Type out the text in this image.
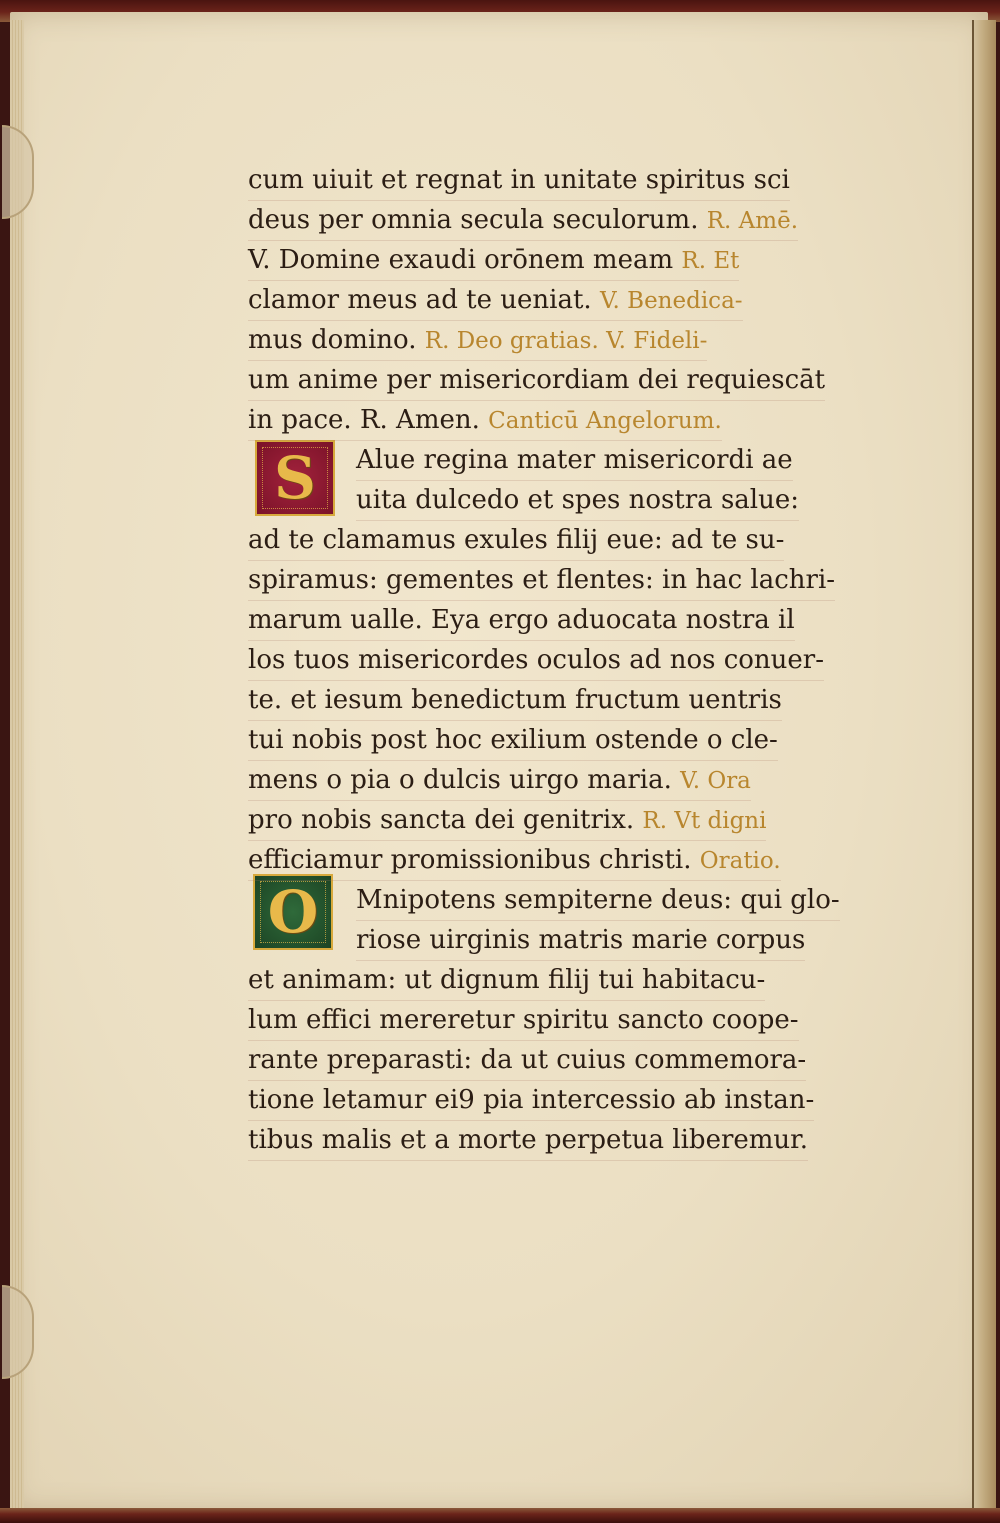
S
O
cum uiuit et regnat in unitate spiritus sci
deus per omnia secula seculorum. R. Amē.
V. Domine exaudi orōnem meam R. Et
clamor meus ad te ueniat. V. Benedica-
mus domino. R. Deo gratias. V. Fideli-
um anime per misericordiam dei requiescāt
in pace. R. Amen. Canticū Angelorum.
Alue regina mater misericordi ae
uita dulcedo et spes nostra salue:
ad te clamamus exules filij eue: ad te su-
spiramus: gementes et flentes: in hac lachri-
marum ualle. Eya ergo aduocata nostra il
los tuos misericordes oculos ad nos conuer-
te. et iesum benedictum fructum uentris
tui nobis post hoc exilium ostende o cle-
mens o pia o dulcis uirgo maria. V. Ora
pro nobis sancta dei genitrix. R. Vt digni
efficiamur promissionibus christi. Oratio.
Mnipotens sempiterne deus: qui glo-
riose uirginis matris marie corpus
et animam: ut dignum filij tui habitacu-
lum effici mereretur spiritu sancto coope-
rante preparasti: da ut cuius commemora-
tione letamur ei9 pia intercessio ab instan-
tibus malis et a morte perpetua liberemur.
